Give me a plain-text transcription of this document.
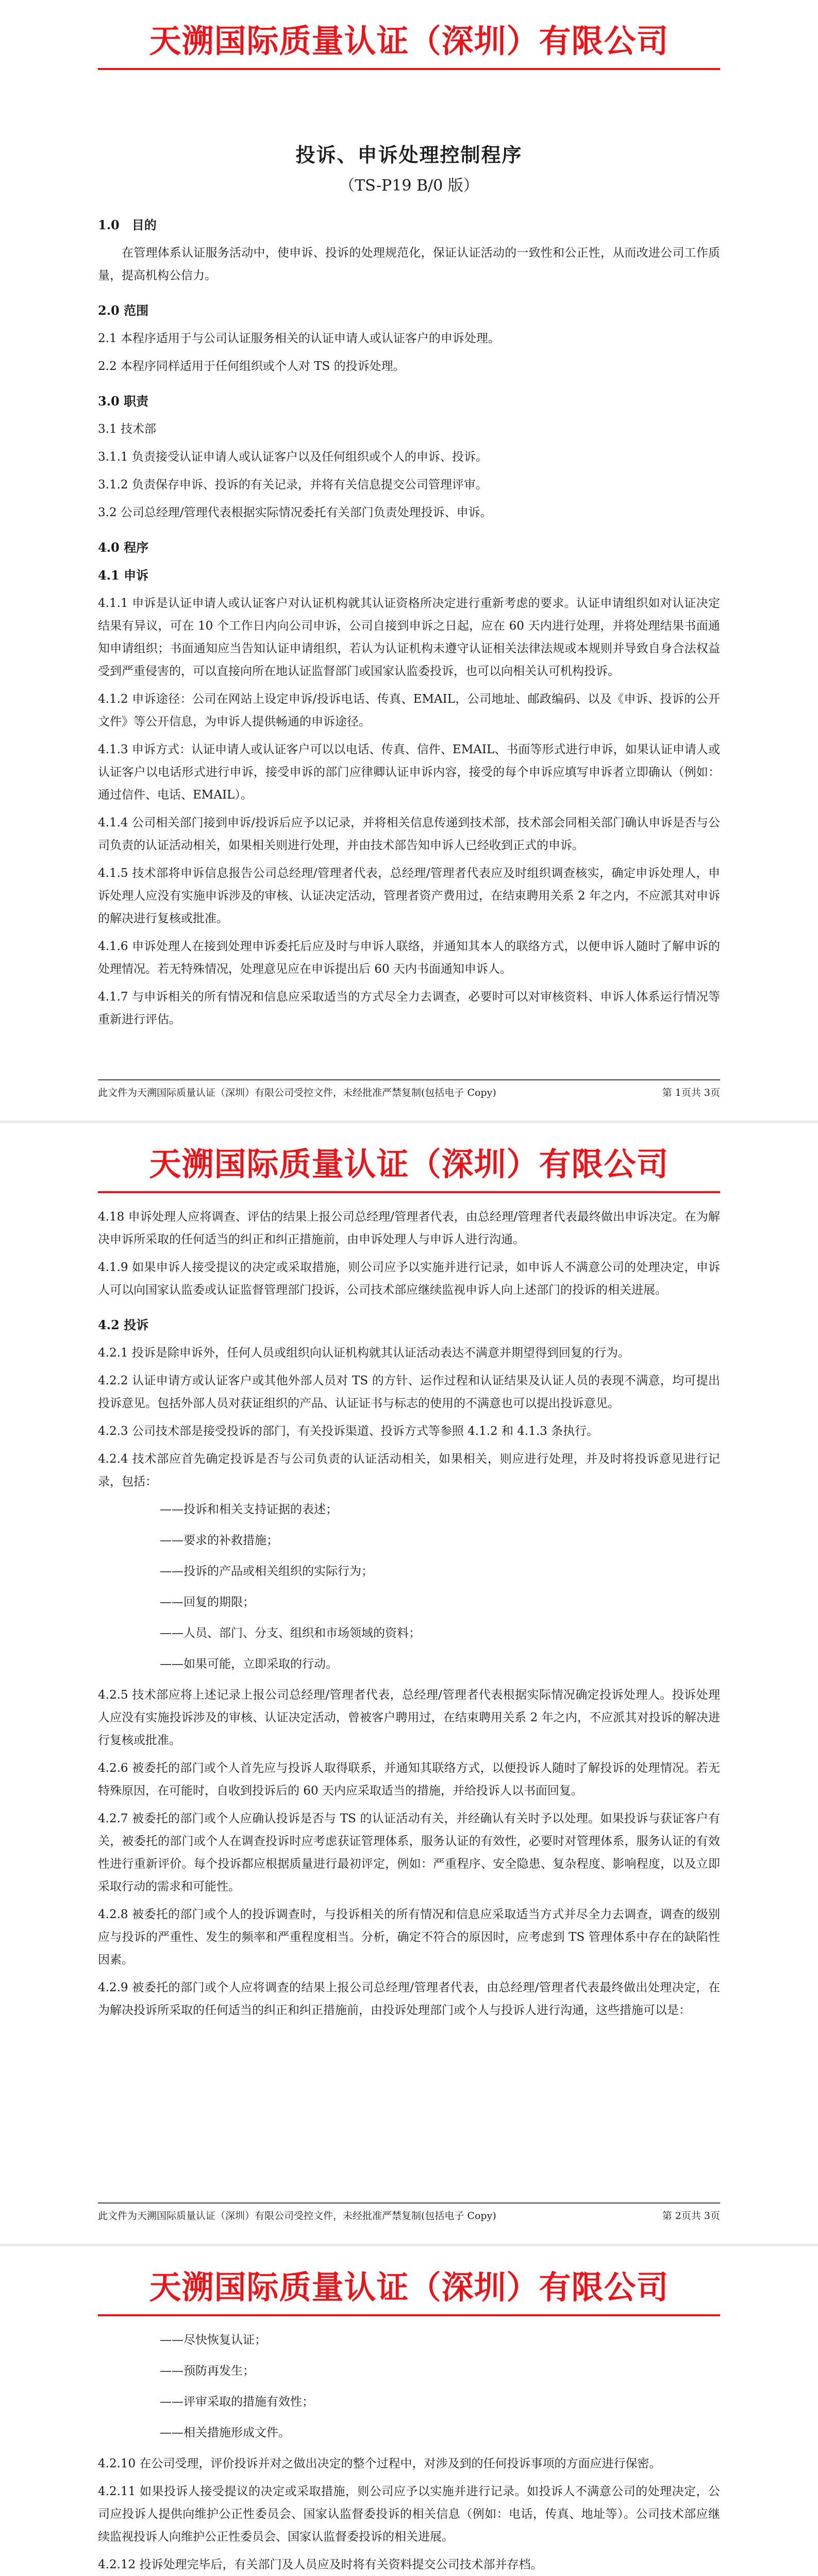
天溯国际质量认证（深圳）有限公司
投诉、申诉处理控制程序
（TS-P19 B/0 版）
1.0　目的

在管理体系认证服务活动中，使申诉、投诉的处理规范化，保证认证活动的一致性和公正性，从而改进公司工作质量，提高机构公信力。

2.0 范围

2.1 本程序适用于与公司认证服务相关的认证申请人或认证客户的申诉处理。

2.2 本程序同样适用于任何组织或个人对 TS 的投诉处理。

3.0 职责

3.1 技术部

3.1.1 负责接受认证申请人或认证客户以及任何组织或个人的申诉、投诉。

3.1.2 负责保存申诉、投诉的有关记录，并将有关信息提交公司管理评审。

3.2 公司总经理/管理代表根据实际情况委托有关部门负责处理投诉、申诉。

4.0 程序
4.1 申诉

4.1.1 申诉是认证申请人或认证客户对认证机构就其认证资格所决定进行重新考虑的要求。认证申请组织如对认证决定结果有异议，可在 10 个工作日内向公司申诉，公司自接到申诉之日起，应在 60 天内进行处理，并将处理结果书面通知申请组织；书面通知应当告知认证申请组织，若认为认证机构未遵守认证相关法律法规或本规则并导致自身合法权益受到严重侵害的，可以直接向所在地认证监督部门或国家认监委投诉，也可以向相关认可机构投诉。

4.1.2 申诉途径：公司在网站上设定申诉/投诉电话、传真、EMAIL，公司地址、邮政编码、以及《申诉、投诉的公开文件》等公开信息，为申诉人提供畅通的申诉途径。

4.1.3 申诉方式：认证申请人或认证客户可以以电话、传真、信件、EMAIL、书面等形式进行申诉，如果认证申请人或认证客户以电话形式进行申诉，接受申诉的部门应律卿认证申诉内容，接受的每个申诉应填写申诉者立即确认（例如：通过信件、电话、EMAIL）。

4.1.4 公司相关部门接到申诉/投诉后应予以记录，并将相关信息传递到技术部，技术部会同相关部门确认申诉是否与公司负责的认证活动相关，如果相关则进行处理，并由技术部告知申诉人已经收到正式的申诉。

4.1.5 技术部将申诉信息报告公司总经理/管理者代表，总经理/管理者代表应及时组织调查核实，确定申诉处理人，申诉处理人应没有实施申诉涉及的审核、认证决定活动，管理者资产费用过，在结束聘用关系 2 年之内，不应派其对申诉的解决进行复核或批准。

4.1.6 申诉处理人在接到处理申诉委托后应及时与申诉人联络，并通知其本人的联络方式，以便申诉人随时了解申诉的处理情况。若无特殊情况，处理意见应在申诉提出后 60 天内书面通知申诉人。

4.1.7 与申诉相关的所有情况和信息应采取适当的方式尽全力去调查，必要时可以对审核资料、申诉人体系运行情况等重新进行评估。

此文件为天溯国际质量认证（深圳）有限公司受控文件，未经批准严禁复制(包括电子 Copy)	第 1页共 3页
天溯国际质量认证（深圳）有限公司

4.18 申诉处理人应将调查、评估的结果上报公司总经理/管理者代表，由总经理/管理者代表最终做出申诉决定。在为解决申诉所采取的任何适当的纠正和纠正措施前，由申诉处理人与申诉人进行沟通。

4.1.9 如果申诉人接受提议的决定或采取措施，则公司应予以实施并进行记录，如申诉人不满意公司的处理决定，申诉人可以向国家认监委或认证监督管理部门投诉，公司技术部应继续监视申诉人向上述部门的投诉的相关进展。

4.2 投诉

4.2.1 投诉是除申诉外，任何人员或组织向认证机构就其认证活动表达不满意并期望得到回复的行为。

4.2.2 认证申请方或认证客户或其他外部人员对 TS 的方针、运作过程和认证结果及认证人员的表现不满意，均可提出投诉意见。包括外部人员对获证组织的产品、认证证书与标志的使用的不满意也可以提出投诉意见。

4.2.3 公司技术部是接受投诉的部门，有关投诉渠道、投诉方式等参照 4.1.2 和 4.1.3 条执行。

4.2.4 技术部应首先确定投诉是否与公司负责的认证活动相关，如果相关，则应进行处理，并及时将投诉意见进行记录，包括：

——投诉和相关支持证据的表述；

——要求的补救措施；

——投诉的产品或相关组织的实际行为；

——回复的期限；

——人员、部门、分支、组织和市场领域的资料；

——如果可能，立即采取的行动。

4.2.5 技术部应将上述记录上报公司总经理/管理者代表，总经理/管理者代表根据实际情况确定投诉处理人。投诉处理人应没有实施投诉涉及的审核、认证决定活动，曾被客户聘用过，在结束聘用关系 2 年之内，不应派其对投诉的解决进行复核或批准。

4.2.6 被委托的部门或个人首先应与投诉人取得联系，并通知其联络方式，以便投诉人随时了解投诉的处理情况。若无特殊原因，在可能时，自收到投诉后的 60 天内应采取适当的措施，并给投诉人以书面回复。

4.2.7 被委托的部门或个人应确认投诉是否与 TS 的认证活动有关，并经确认有关时予以处理。如果投诉与获证客户有关，被委托的部门或个人在调查投诉时应考虑获证管理体系，服务认证的有效性，必要时对管理体系，服务认证的有效性进行重新评价。每个投诉都应根据质量进行最初评定，例如：严重程序、安全隐患、复杂程度、影响程度，以及立即采取行动的需求和可能性。

4.2.8 被委托的部门或个人的投诉调查时，与投诉相关的所有情况和信息应采取适当方式并尽全力去调查，调查的级别应与投诉的严重性、发生的频率和严重程度相当。分析，确定不符合的原因时，应考虑到 TS 管理体系中存在的缺陷性因素。

4.2.9 被委托的部门或个人应将调查的结果上报公司总经理/管理者代表，由总经理/管理者代表最终做出处理决定，在为解决投诉所采取的任何适当的纠正和纠正措施前，由投诉处理部门或个人与投诉人进行沟通，这些措施可以是：

此文件为天溯国际质量认证（深圳）有限公司受控文件，未经批准严禁复制(包括电子 Copy)	第 2页共 3页
天溯国际质量认证（深圳）有限公司

——尽快恢复认证；

——预防再发生；

——评审采取的措施有效性；

——相关措施形成文件。

4.2.10 在公司受理，评价投诉并对之做出决定的整个过程中，对涉及到的任何投诉事项的方面应进行保密。

4.2.11 如果投诉人接受提议的决定或采取措施，则公司应予以实施并进行记录。如投诉人不满意公司的处理决定，公司应投诉人提供向维护公正性委员会、国家认监督委投诉的相关信息（例如：电话，传真、地址等）。公司技术部应继续监视投诉人向维护公正性委员会、国家认监督委投诉的相关进展。

4.2.12 投诉处理完毕后，有关部门及人员应及时将有关资料提交公司技术部并存档。
